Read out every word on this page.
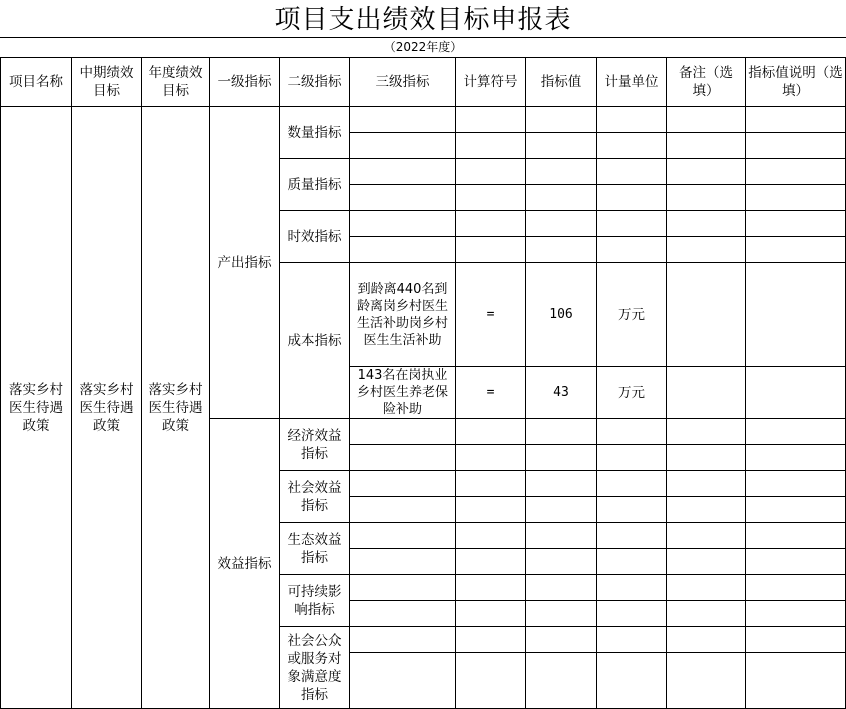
项目支出绩效目标申报表
（2022年度）
项目名称	中期绩效目标	年度绩效目标	一级指标	二级指标	三级指标	计算符号	指标值	计量单位	备注（选填）	指标值说明（选填）
落实乡村医生待遇政策	落实乡村医生待遇政策	落实乡村医生待遇政策	产出指标	数量指标						

				质量指标						

				时效指标						

				成本指标	到龄离440名到龄离岗乡村医生生活补助岗乡村医生生活补助	=	106	万元		

					143名在岗执业乡村医生养老保险补助	=	43	万元		

			效益指标	经济效益指标						

				社会效益指标						

				生态效益指标						

				可持续影响指标						

				社会公众或服务对象满意度指标						
